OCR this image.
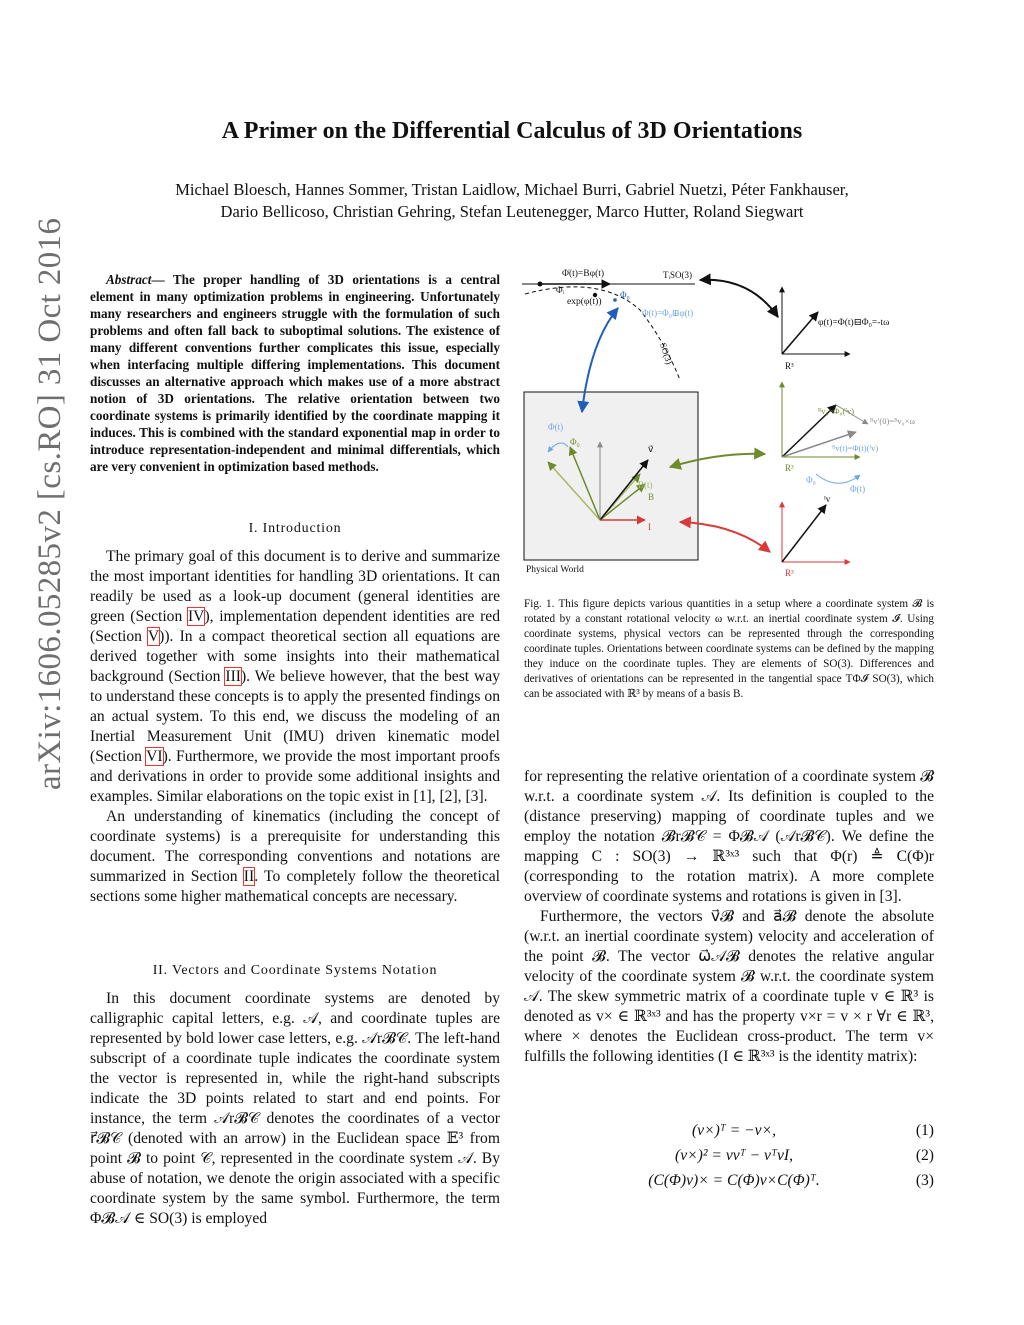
arXiv:1606.05285v2 [cs.RO] 31 Oct 2016
A Primer on the Differential Calculus of 3D Orientations
Michael Bloesch, Hannes Sommer, Tristan Laidlow, Michael Burri, Gabriel Nuetzi, Péter Fankhauser,
Dario Bellicoso, Christian Gehring, Stefan Leutenegger, Marco Hutter, Roland Siegwart
Abstract— The proper handling of 3D orientations is a central element in many optimization problems in engineering. Unfortunately many researchers and engineers struggle with the formulation of such problems and often fall back to suboptimal solutions. The existence of many different conventions further complicates this issue, especially when interfacing multiple differing implementations. This document discusses an alternative approach which makes use of a more abstract notion of 3D orientations. The relative orientation between two coordinate systems is primarily identified by the coordinate mapping it induces. This is combined with the standard exponential map in order to introduce representation-independent and minimal differentials, which are very convenient in optimization based methods.
I. Introduction

The primary goal of this document is to derive and summarize the most important identities for handling 3D orientations. It can readily be used as a look-up document (general identities are green (Section IV), implementation dependent identities are red (Section V)). In a compact theoretical section all equations are derived together with some insights into their mathematical background (Section III). We believe however, that the best way to understand these concepts is to apply the presented findings on an actual system. To this end, we discuss the modeling of an Inertial Measurement Unit (IMU) driven kinematic model (Section VI). Furthermore, we provide the most important proofs and derivations in order to provide some additional insights and examples. Similar elaborations on the topic exist in [1], [2], [3].

An understanding of kinematics (including the concept of coordinate systems) is a prerequisite for understanding this document. The corresponding conventions and notations are summarized in Section II. To completely follow the theoretical sections some higher mathematical concepts are necessary.

II. Vectors and Coordinate Systems Notation

In this document coordinate systems are denoted by calligraphic capital letters, e.g. 𝒜, and coordinate tuples are represented by bold lower case letters, e.g. 𝒜r𝓑𝒞. The left-hand subscript of a coordinate tuple indicates the coordinate system the vector is represented in, while the right-hand subscripts indicate the 3D points related to start and end points. For instance, the term 𝒜r𝓑𝒞 denotes the coordinates of a vector r⃗𝓑𝒞 (denoted with an arrow) in the Euclidean space 𝔼³ from point 𝓑 to point 𝒞, represented in the coordinate system 𝒜. By abuse of notation, we denote the origin associated with a specific coordinate system by the same symbol. Furthermore, the term Φ𝓑𝒜 ∈ SO(3) is employed

Φ̇(t)=Bφ(t)	TᵢSO(3)
Φᵢ
exp(φ(t))
Φ₀
Φ(t)=Φ₀⊞φ(t)
SO(3)
φ(t)=Φ(t)⊟Φ₀=-tω
R³
Physical World
Φ(t)
Φ₀
v⃗
B(t)
B
I
ᴮv₀=Φ₀(ᴵv)
ᴮv′(0)=ᴮv₀×ω
ᴮv(t)=Φ(t)(ᴵv)
R³
Φ₀
Φ(t)
ᴵv
R³
Fig. 1. This figure depicts various quantities in a setup where a coordinate system 𝓑 is rotated by a constant rotational velocity ω w.r.t. an inertial coordinate system 𝓘. Using coordinate systems, physical vectors can be represented through the corresponding coordinate tuples. Orientations between coordinate systems can be defined by the mapping they induce on the coordinate tuples. They are elements of SO(3). Differences and derivatives of orientations can be represented in the tangential space TΦ𝓘 SO(3), which can be associated with ℝ³ by means of a basis B.

for representing the relative orientation of a coordinate system 𝓑 w.r.t. a coordinate system 𝒜. Its definition is coupled to the (distance preserving) mapping of coordinate tuples and we employ the notation 𝓑r𝓑𝒞 = Φ𝓑𝒜 (𝒜r𝓑𝒞). We define the mapping C : SO(3) → ℝ³ˣ³ such that Φ(r) ≜ C(Φ)r (corresponding to the rotation matrix). A more complete overview of coordinate systems and rotations is given in [3].

Furthermore, the vectors v⃗𝓑 and a⃗𝓑 denote the absolute (w.r.t. an inertial coordinate system) velocity and acceleration of the point 𝓑. The vector ω⃗𝒜𝓑 denotes the relative angular velocity of the coordinate system 𝓑 w.r.t. the coordinate system 𝒜. The skew symmetric matrix of a coordinate tuple v ∈ ℝ³ is denoted as v× ∈ ℝ³ˣ³ and has the property v×r = v × r ∀r ∈ ℝ³, where × denotes the Euclidean cross-product. The term v× fulfills the following identities (I ∈ ℝ³ˣ³ is the identity matrix):

(v×)ᵀ = −v×,	(1)
(v×)² = vvᵀ − vᵀvI,	(2)
(C(Φ)v)× = C(Φ)v×C(Φ)ᵀ.	(3)
